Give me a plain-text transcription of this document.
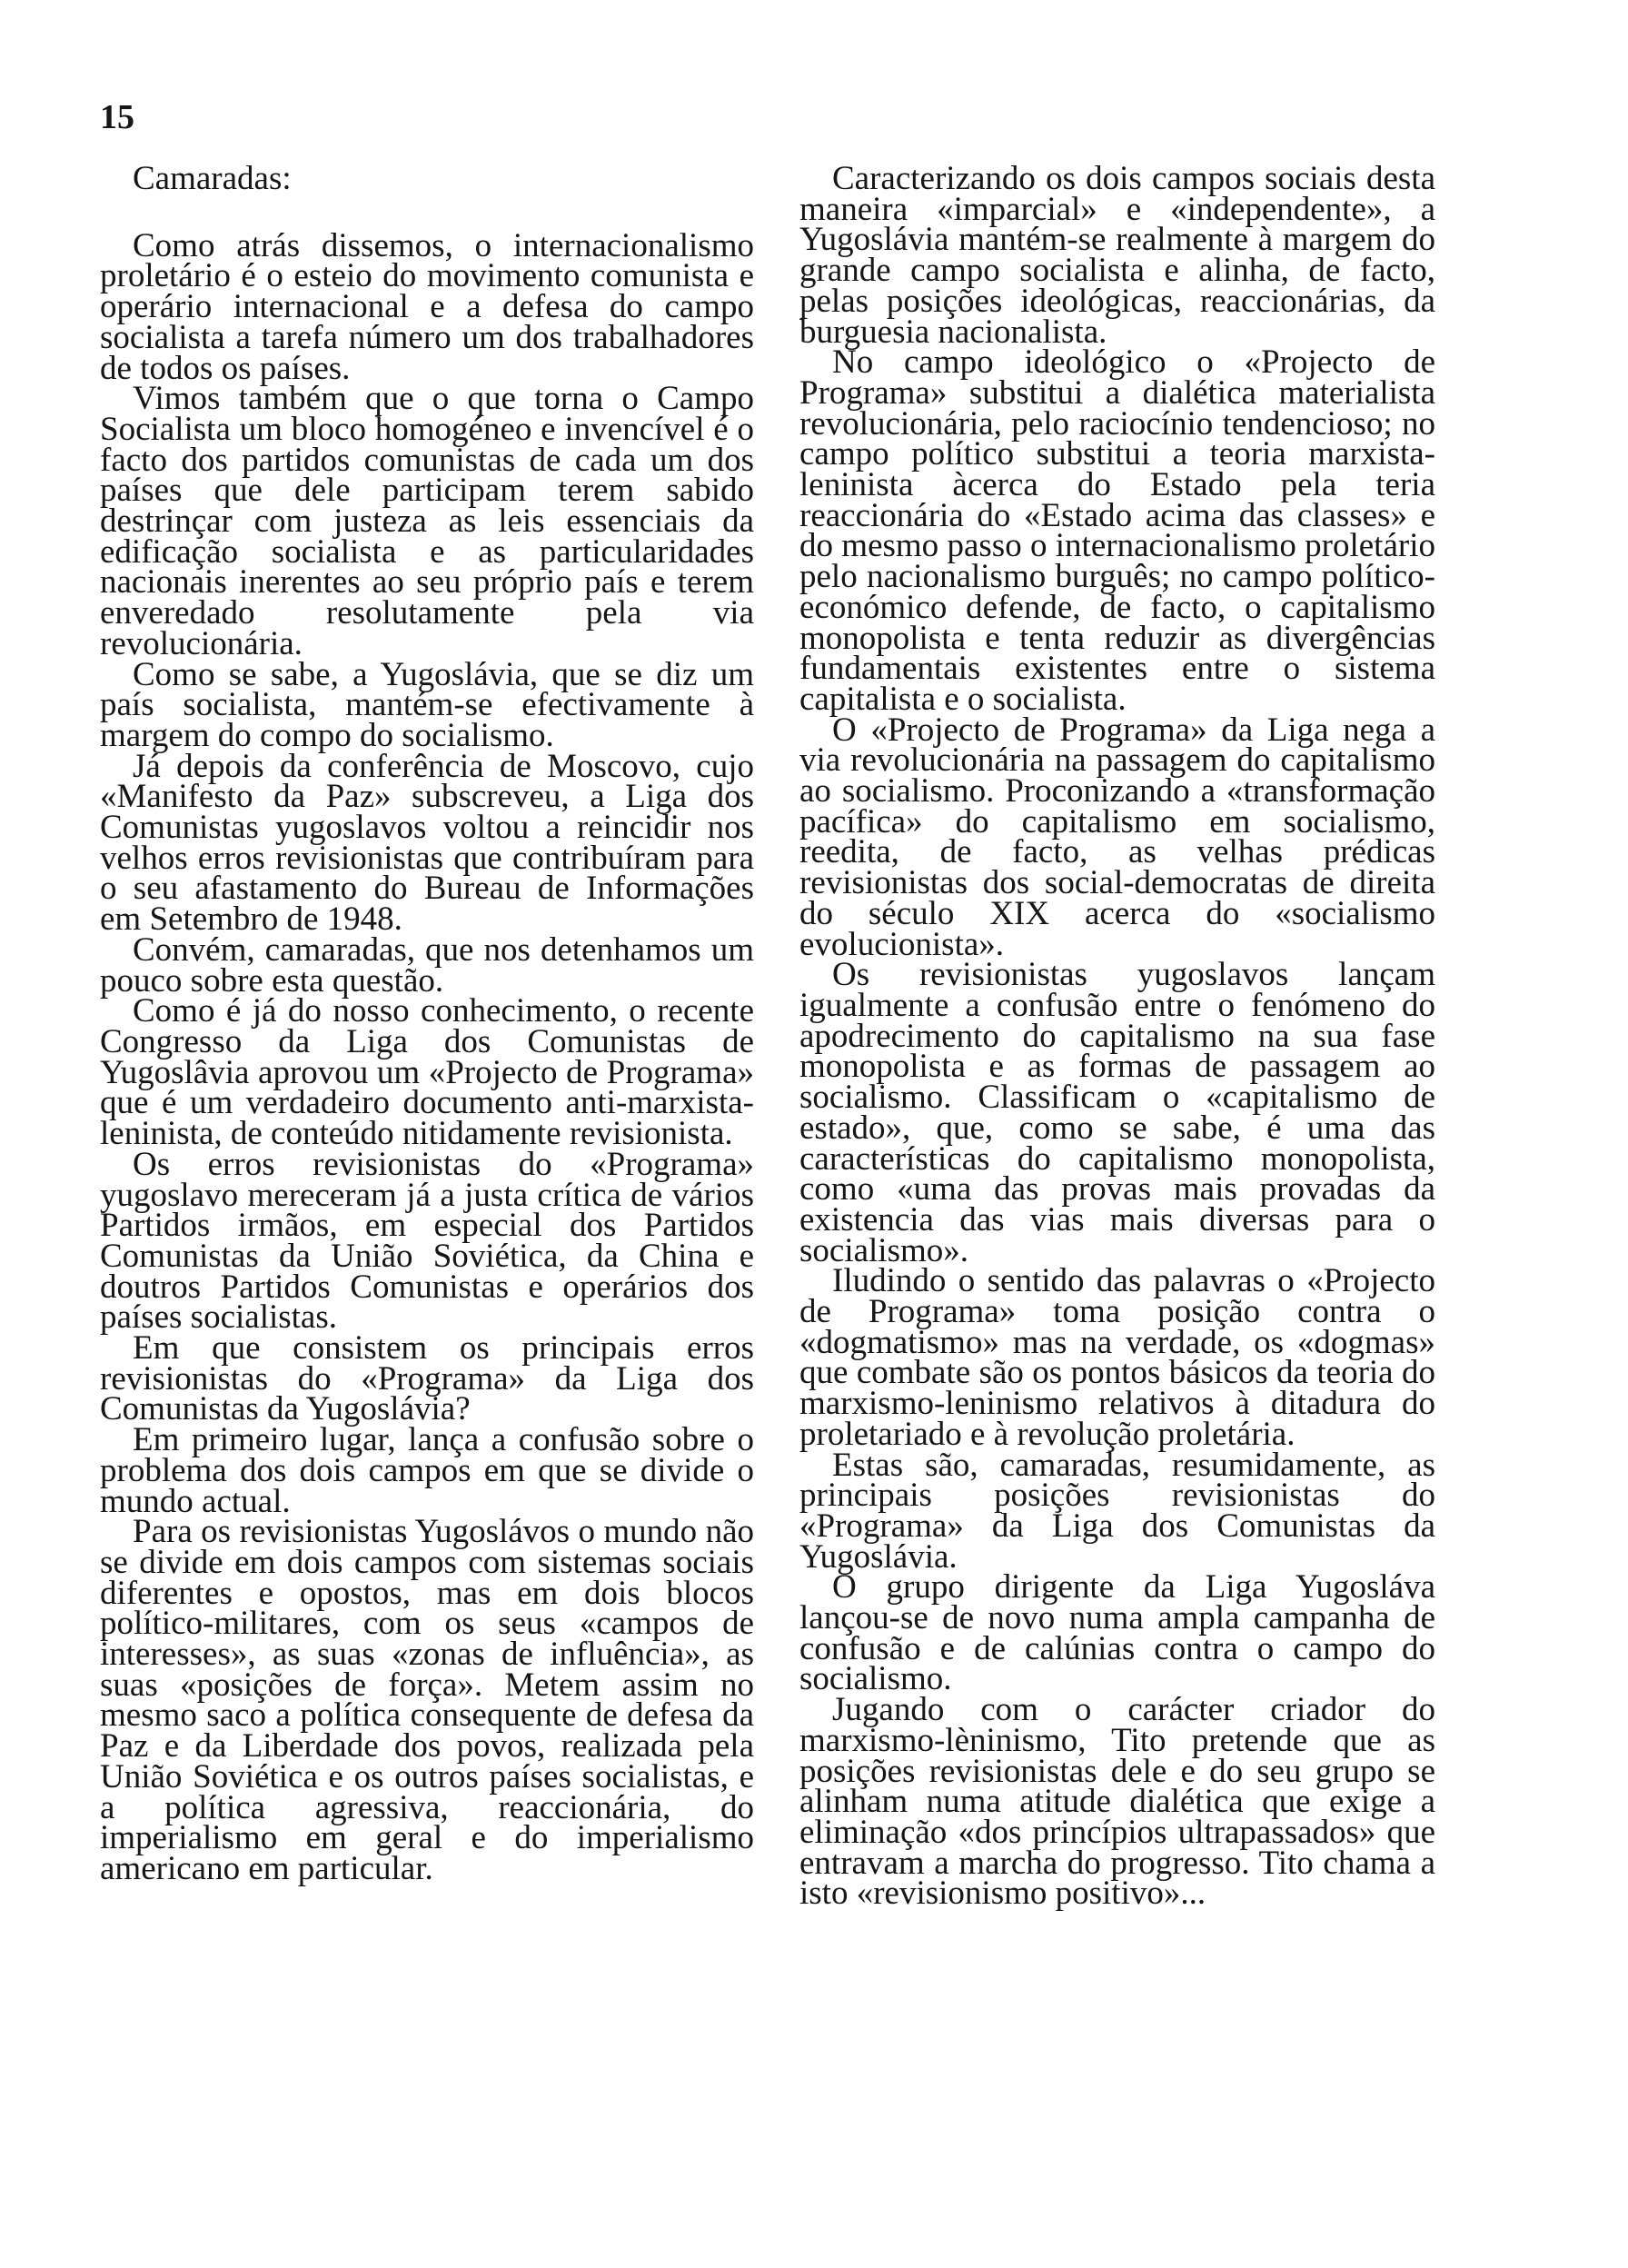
15

Camaradas:

Como atrás dissemos, o internacionalismo proletário é o esteio do movimento comunista e operário internacional e a defesa do campo socialista a tarefa número um dos trabalhadores de todos os países.

Vimos também que o que torna o Campo Socialista um bloco homogéneo e invencível é o facto dos partidos comunistas de cada um dos países que dele participam terem sabido destrinçar com justeza as leis essenciais da edificação socialista e as particularidades nacionais inerentes ao seu próprio país e terem enveredado resolutamente pela via revolucionária.

Como se sabe, a Yugoslávia, que se diz um país socialista, mantém-se efectivamente à margem do compo do socialismo.

Já depois da conferência de Moscovo, cujo «Manifesto da Paz» subscreveu, a Liga dos Comunistas yugoslavos voltou a reincidir nos velhos erros revisionistas que contribuíram para o seu afastamento do Bureau de Informações em Setembro de 1948.

Convém, camaradas, que nos detenhamos um pouco sobre esta questão.

Como é já do nosso conhecimento, o recente Congresso da Liga dos Comunistas de Yugoslâvia aprovou um «Projecto de Programa» que é um verdadeiro documento anti-marxista-leninista, de conteúdo nitidamente revisionista.

Os erros revisionistas do «Programa» yugoslavo mereceram já a justa crítica de vários Partidos irmãos, em especial dos Partidos Comunistas da União Soviética, da China e doutros Partidos Comunistas e operários dos países socialistas.

Em que consistem os principais erros revisionistas do «Programa» da Liga dos Comunistas da Yugoslávia?

Em primeiro lugar, lança a confusão sobre o problema dos dois campos em que se divide o mundo actual.

Para os revisionistas Yugoslávos o mundo não se divide em dois campos com sistemas sociais diferentes e opostos, mas em dois blocos político-militares, com os seus «campos de interesses», as suas «zonas de influência», as suas «posições de força». Metem assim no mesmo saco a política consequente de defesa da Paz e da Liberdade dos povos, realizada pela União Soviética e os outros países socialistas, e a política agressiva, reaccionária, do imperialismo em geral e do imperialismo americano em particular.

Caracterizando os dois campos sociais desta maneira «imparcial» e «independente», a Yugoslávia mantém-se realmente à margem do grande campo socialista e alinha, de facto, pelas posições ideológicas, reaccionárias, da burguesia nacionalista.

No campo ideológico o «Projecto de Programa» substitui a dialética materialista revolucionária, pelo raciocínio tendencioso; no campo político substitui a teoria marxista-leninista àcerca do Estado pela teria reaccionária do «Estado acima das classes» e do mesmo passo o internacionalismo proletário pelo nacionalismo burguês; no campo político-económico defende, de facto, o capitalismo monopolista e tenta reduzir as divergências fundamentais existentes entre o sistema capitalista e o socialista.

O «Projecto de Programa» da Liga nega a via revolucionária na passagem do capitalismo ao socialismo. Proconizando a «transformação pacífica» do capitalismo em socialismo, reedita, de facto, as velhas prédicas revisionistas dos social-democratas de direita do século XIX acerca do «socialismo evolucionista».

Os revisionistas yugoslavos lançam igualmente a confusão entre o fenómeno do apodrecimento do capitalismo na sua fase monopolista e as formas de passagem ao socialismo. Classificam o «capitalismo de estado», que, como se sabe, é uma das características do capitalismo monopolista, como «uma das provas mais provadas da existencia das vias mais diversas para o socialismo».

Iludindo o sentido das palavras o «Projecto de Programa» toma posição contra o «dogmatismo» mas na verdade, os «dogmas» que combate são os pontos básicos da teoria do marxismo-leninismo relativos à ditadura do proletariado e à revolução proletária.

Estas são, camaradas, resumidamente, as principais posições revisionistas do «Programa» da Liga dos Comunistas da Yugoslávia.

O grupo dirigente da Liga Yugosláva lançou-se de novo numa ampla campanha de confusão e de calúnias contra o campo do socialismo.

Jugando com o carácter criador do marxismo-lèninismo, Tito pretende que as posições revisionistas dele e do seu grupo se alinham numa atitude dialética que exige a eliminação «dos princípios ultrapassados» que entravam a marcha do progresso. Tito chama a isto «revisionismo positivo»...
